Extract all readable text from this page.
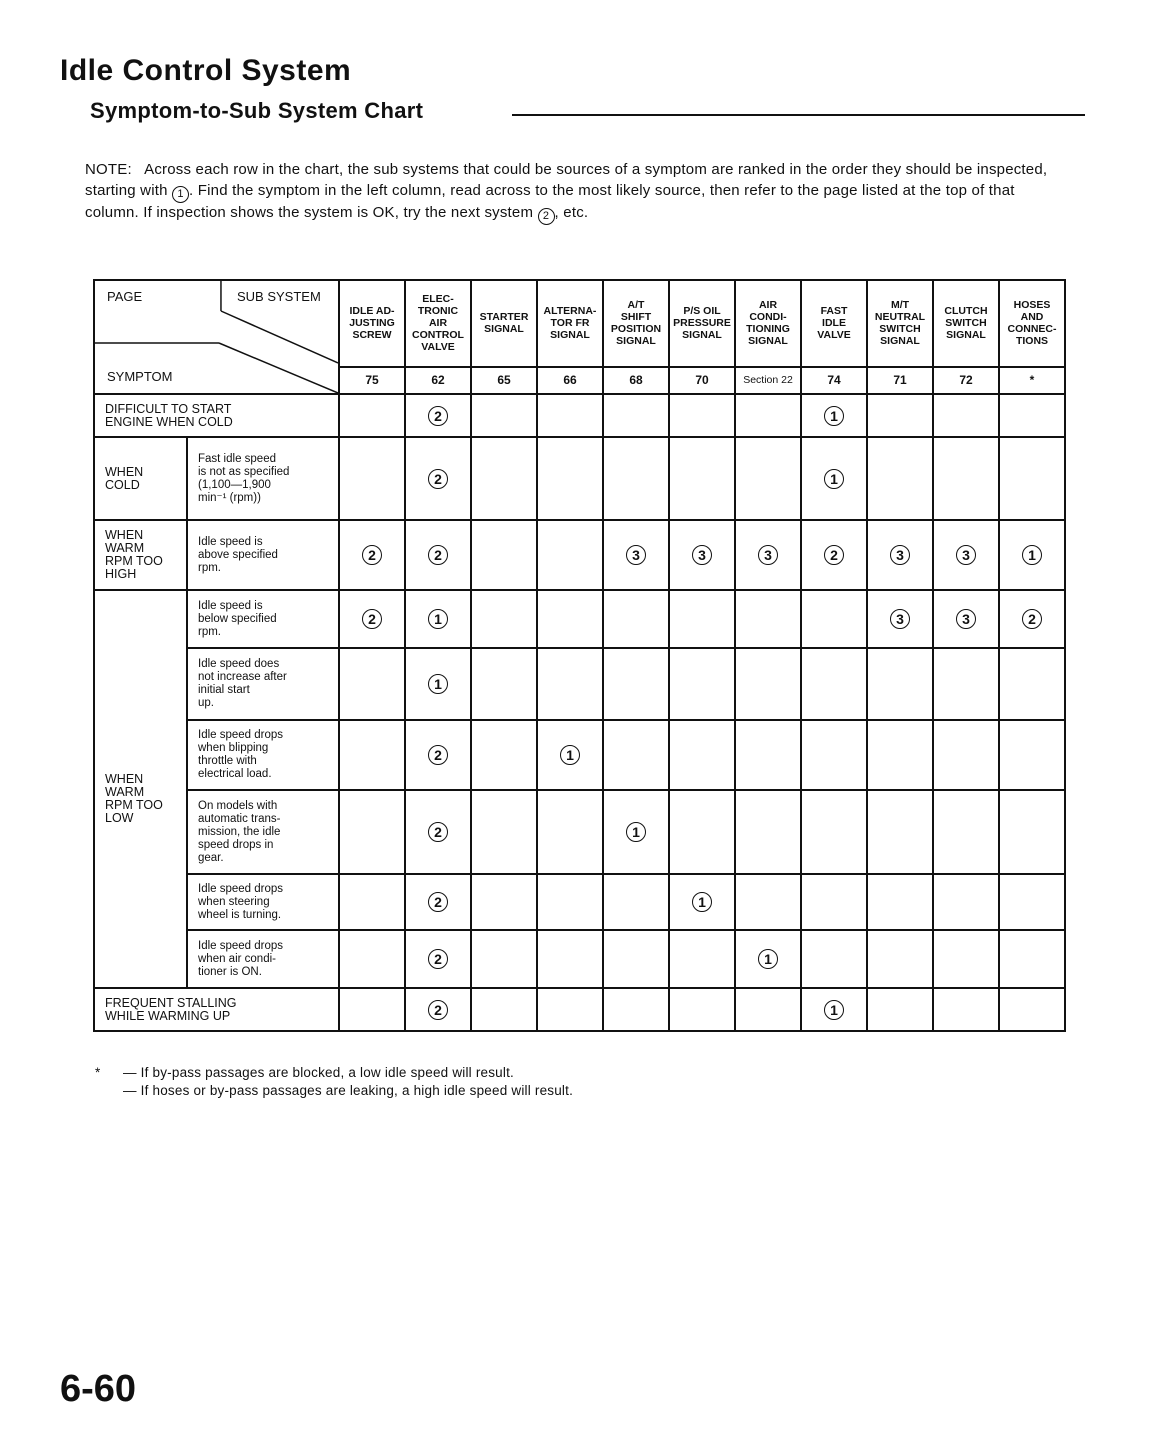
Idle Control System
Symptom-to-Sub System Chart
NOTE: Across each row in the chart, the sub systems that could be sources of a symptom are ranked in the order they should be inspected, starting with 1 . Find the symptom in the left column, read across to the most likely source, then refer to the page listed at the top of that column. If inspection shows the system is OK, try the next system 2 , etc.
PAGE SUB SYSTEM
SYMPTOM		IDLE AD-
JUSTING
SCREW	ELEC-
TRONIC
AIR
CONTROL
VALVE	STARTER
SIGNAL	ALTERNA-
TOR FR
SIGNAL	A/T
SHIFT
POSITION
SIGNAL	P/S OIL
PRESSURE
SIGNAL	AIR
CONDI-
TIONING
SIGNAL	FAST
IDLE
VALVE	M/T
NEUTRAL
SWITCH
SIGNAL	CLUTCH
SWITCH
SIGNAL	HOSES
AND
CONNEC-
TIONS
		75	62	65	66	68	70	Section 22	74	71	72	*
DIFFICULT TO START
ENGINE WHEN COLD			2						1			
WHEN
COLD	Fast idle speed
is not as specified
(1,100—1,900
min⁻¹ (rpm))		2						1			
WHEN
WARM
RPM TOO
HIGH	Idle speed is
above specified
rpm.	2	2			3	3	3	2	3	3	1
WHEN
WARM
RPM TOO
LOW	Idle speed is
below specified
rpm.	2	1							3	3	2
	Idle speed does
not increase after
initial start
up.		1									
	Idle speed drops
when blipping
throttle with
electrical load.		2		1							
	On models with
automatic trans-
mission, the idle
speed drops in
gear.		2			1						
	Idle speed drops
when steering
wheel is turning.		2				1					
	Idle speed drops
when air condi-
tioner is ON.		2					1				
FREQUENT STALLING
WHILE WARMING UP			2						1			
*	— If by-pass passages are blocked, a low idle speed will result.
— If hoses or by-pass passages are leaking, a high idle speed will result.
6-60
